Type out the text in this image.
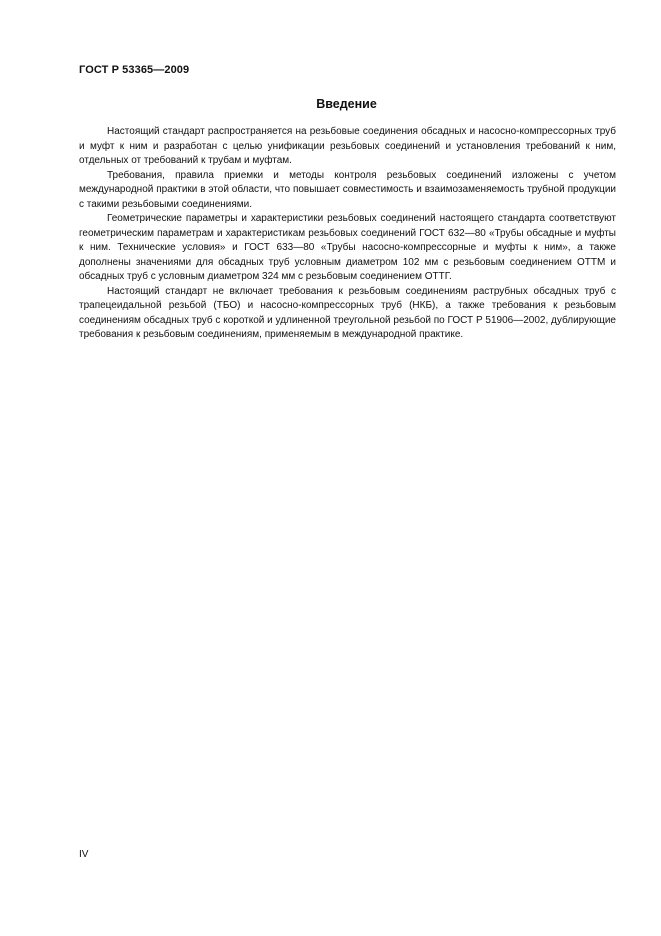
ГОСТ Р 53365—2009
Введение

Настоящий стандарт распространяется на резьбовые соединения обсадных и насосно-компрессорных труб и муфт к ним и разработан с целью унификации резьбовых соединений и установления требований к ним, отдельных от требований к трубам и муфтам.

Требования, правила приемки и методы контроля резьбовых соединений изложены с учетом международной практики в этой области, что повышает совместимость и взаимозаменяемость трубной продукции с такими резьбовыми соединениями.

Геометрические параметры и характеристики резьбовых соединений настоящего стандарта соответствуют геометрическим параметрам и характеристикам резьбовых соединений ГОСТ 632—80 «Трубы обсадные и муфты к ним. Технические условия» и ГОСТ 633—80 «Трубы насосно-компрессорные и муфты к ним», а также дополнены значениями для обсадных труб условным диаметром 102 мм с резьбовым соединением ОТТМ и обсадных труб с условным диаметром 324 мм с резьбовым соединением ОТТГ.

Настоящий стандарт не включает требования к резьбовым соединениям раструбных обсадных труб с трапецеидальной резьбой (ТБО) и насосно-компрессорных труб (НКБ), а также требования к резьбовым соединениям обсадных труб с короткой и удлиненной треугольной резьбой по ГОСТ Р 51906—2002, дублирующие требования к резьбовым соединениям, применяемым в международной практике.

IV
